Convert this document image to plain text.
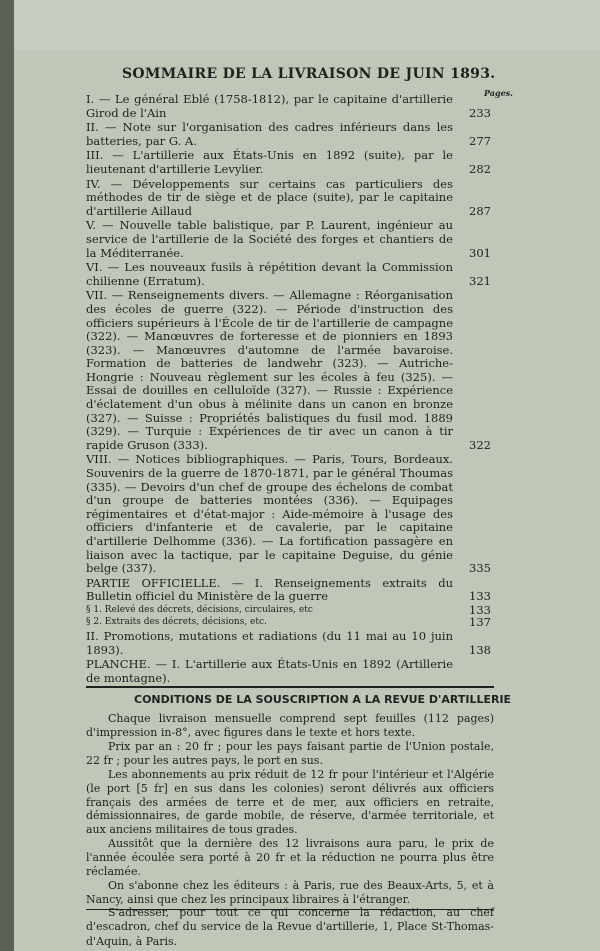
SOMMAIRE DE LA LIVRAISON DE JUIN 1893.
Pages.
I. — Le général Eblé (1758-1812), par le capitaine d'artillerie Girod de l'Ain	233
II. — Note sur l'organisation des cadres inférieurs dans les batteries, par G. A.	277
III. — L'artillerie aux États-Unis en 1892 (suite), par le lieutenant d'artillerie Levylier.	282
IV. — Développements sur certains cas particuliers des méthodes de tir de siège et de place (suite), par le capitaine d'artillerie Aillaud	287
V. — Nouvelle table balistique, par P. Laurent, ingénieur au service de l'artillerie de la Société des forges et chantiers de la Méditerranée.	301
VI. — Les nouveaux fusils à répétition devant la Commission chilienne (Erratum).	321
VII. — Renseignements divers. — Allemagne : Réorganisation des écoles de guerre (322). — Période d'instruction des officiers supérieurs à l'École de tir de l'artillerie de campagne (322). — Manœuvres de forteresse et de pionniers en 1893 (323). — Manœuvres d'automne de l'armée bavaroise. Formation de batteries de landwehr (323). — Autriche-Hongrie : Nouveau règlement sur les écoles à feu (325). — Essai de douilles en celluloïde (327). — Russie : Expérience d'éclatement d'un obus à mélinite dans un canon en bronze (327). — Suisse : Propriétés balistiques du fusil mod. 1889 (329). — Turquie : Expériences de tir avec un canon à tir rapide Gruson (333).	322
VIII. — Notices bibliographiques. — Paris, Tours, Bordeaux. Souvenirs de la guerre de 1870-1871, par le général Thoumas (335). — Devoirs d'un chef de groupe des échelons de combat d'un groupe de batteries montées (336). — Equipages régimentaires et d'état-major : Aide-mémoire à l'usage des officiers d'infanterie et de cavalerie, par le capitaine d'artillerie Delhomme (336). — La fortification passagère en liaison avec la tactique, par le capitaine Deguise, du génie belge (337).	335
PARTIE OFFICIELLE. — I. Renseignements extraits du Bulletin officiel du Ministère de la guerre	133
§ 1. Relevé des décrets, décisions, circulaires, etc	133
§ 2. Extraits des décrets, décisions, etc.	137
II. Promotions, mutations et radiations (du 11 mai au 10 juin 1893).	138
PLANCHE. — I. L'artillerie aux États-Unis en 1892 (Artillerie de montagne).
CONDITIONS DE LA SOUSCRIPTION A LA REVUE D'ARTILLERIE

Chaque livraison mensuelle comprend sept feuilles (112 pages) d'impression in-8°, avec figures dans le texte et hors texte.

Prix par an : 20 fr ; pour les pays faisant partie de l'Union postale, 22 fr ; pour les autres pays, le port en sus.

Les abonnements au prix réduit de 12 fr pour l'intérieur et l'Algérie (le port [5 fr] en sus dans les colonies) seront délivrés aux officiers français des armées de terre et de mer, aux officiers en retraite, démissionnaires, de garde mobile, de réserve, d'armée territoriale, et aux anciens militaires de tous grades.

Aussitôt que la dernière des 12 livraisons aura paru, le prix de l'année écoulée sera porté à 20 fr et la réduction ne pourra plus être réclamée.

On s'abonne chez les éditeurs : à Paris, rue des Beaux-Arts, 5, et à Nancy, ainsi que chez les principaux libraires à l'étranger.

S'adresser, pour tout ce qui concerne la rédaction, au chef d'escadron, chef du service de la Revue d'artillerie, 1, Place St-Thomas-d'Aquin, à Paris.
